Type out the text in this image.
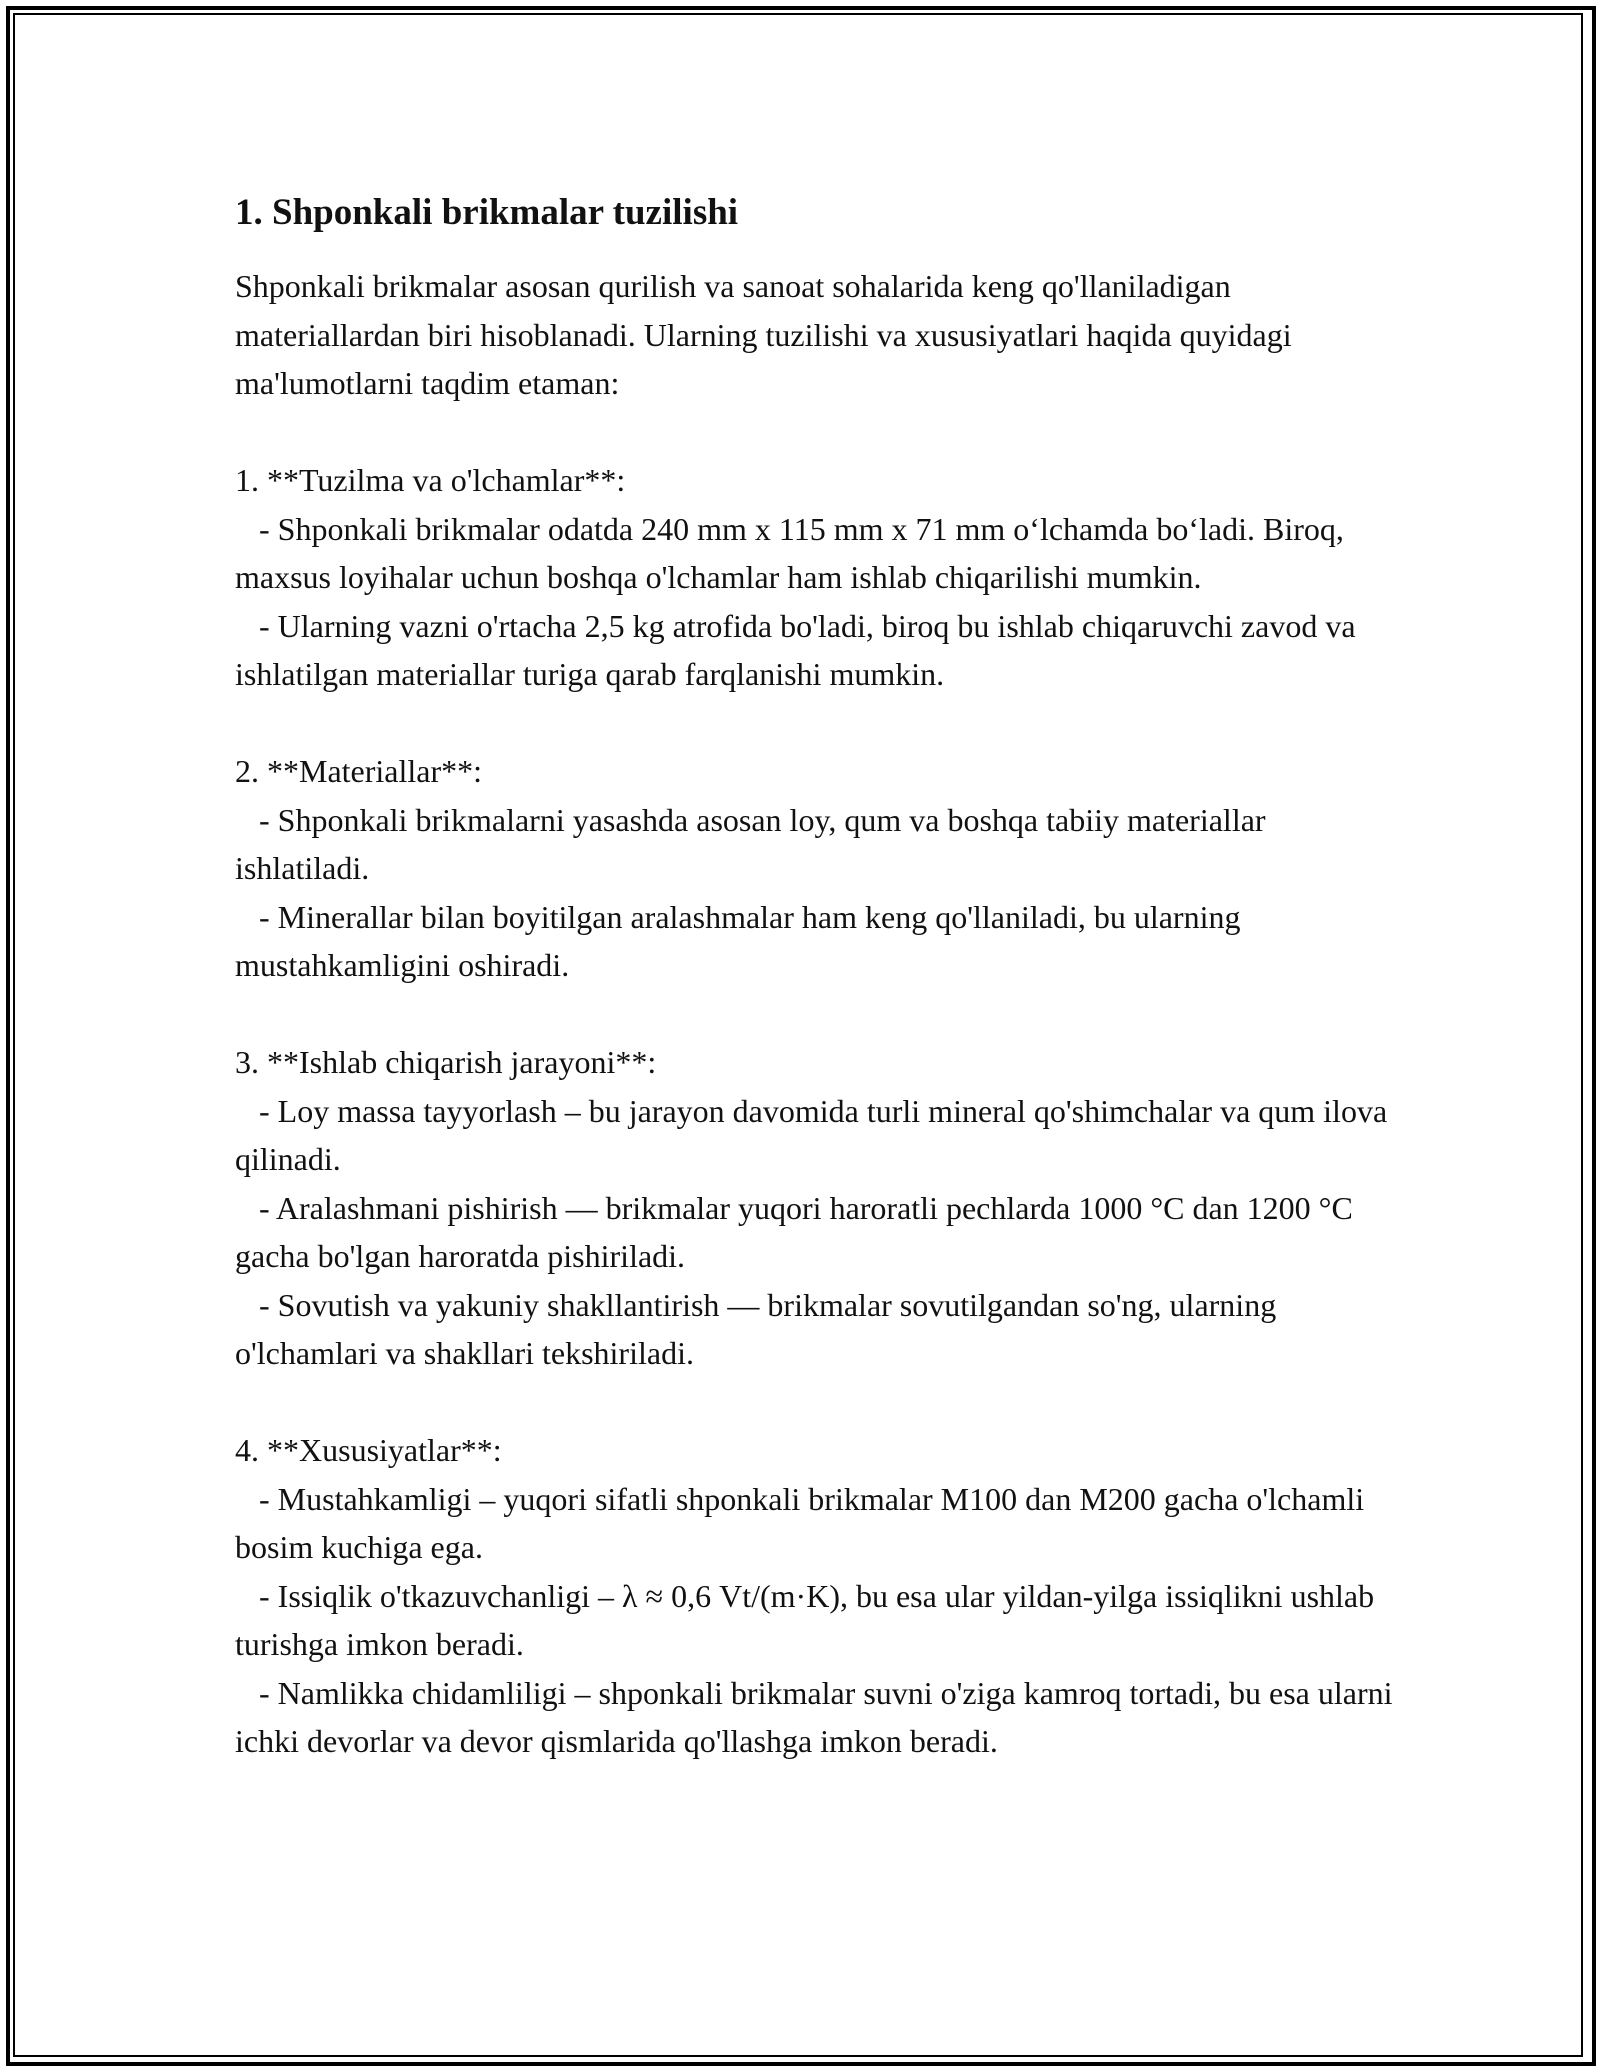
1. Shponkali brikmalar tuzilishi

Shponkali brikmalar asosan qurilish va sanoat sohalarida keng qo'llaniladigan materiallardan biri hisoblanadi. Ularning tuzilishi va xususiyatlari haqida quyidagi ma'lumotlarni taqdim etaman:

1. **Tuzilma va o'lchamlar**:

- Shponkali brikmalar odatda 240 mm x 115 mm x 71 mm o‘lchamda bo‘ladi. Biroq, maxsus loyihalar uchun boshqa o'lchamlar ham ishlab chiqarilishi mumkin.

- Ularning vazni o'rtacha 2,5 kg atrofida bo'ladi, biroq bu ishlab chiqaruvchi zavod va ishlatilgan materiallar turiga qarab farqlanishi mumkin.

2. **Materiallar**:

- Shponkali brikmalarni yasashda asosan loy, qum va boshqa tabiiy materiallar ishlatiladi.

- Minerallar bilan boyitilgan aralashmalar ham keng qo'llaniladi, bu ularning mustahkamligini oshiradi.

3. **Ishlab chiqarish jarayoni**:

- Loy massa tayyorlash – bu jarayon davomida turli mineral qo'shimchalar va qum ilova qilinadi.

- Aralashmani pishirish — brikmalar yuqori haroratli pechlarda 1000 °C dan 1200 °C gacha bo'lgan haroratda pishiriladi.

- Sovutish va yakuniy shakllantirish — brikmalar sovutilgandan so'ng, ularning o'lchamlari va shakllari tekshiriladi.

4. **Xususiyatlar**:

- Mustahkamligi – yuqori sifatli shponkali brikmalar M100 dan M200 gacha o'lchamli bosim kuchiga ega.

- Issiqlik o'tkazuvchanligi – λ ≈ 0,6 Vt/(m·K), bu esa ular yildan-yilga issiqlikni ushlab turishga imkon beradi.

- Namlikka chidamliligi – shponkali brikmalar suvni o'ziga kamroq tortadi, bu esa ularni ichki devorlar va devor qismlarida qo'llashga imkon beradi.
